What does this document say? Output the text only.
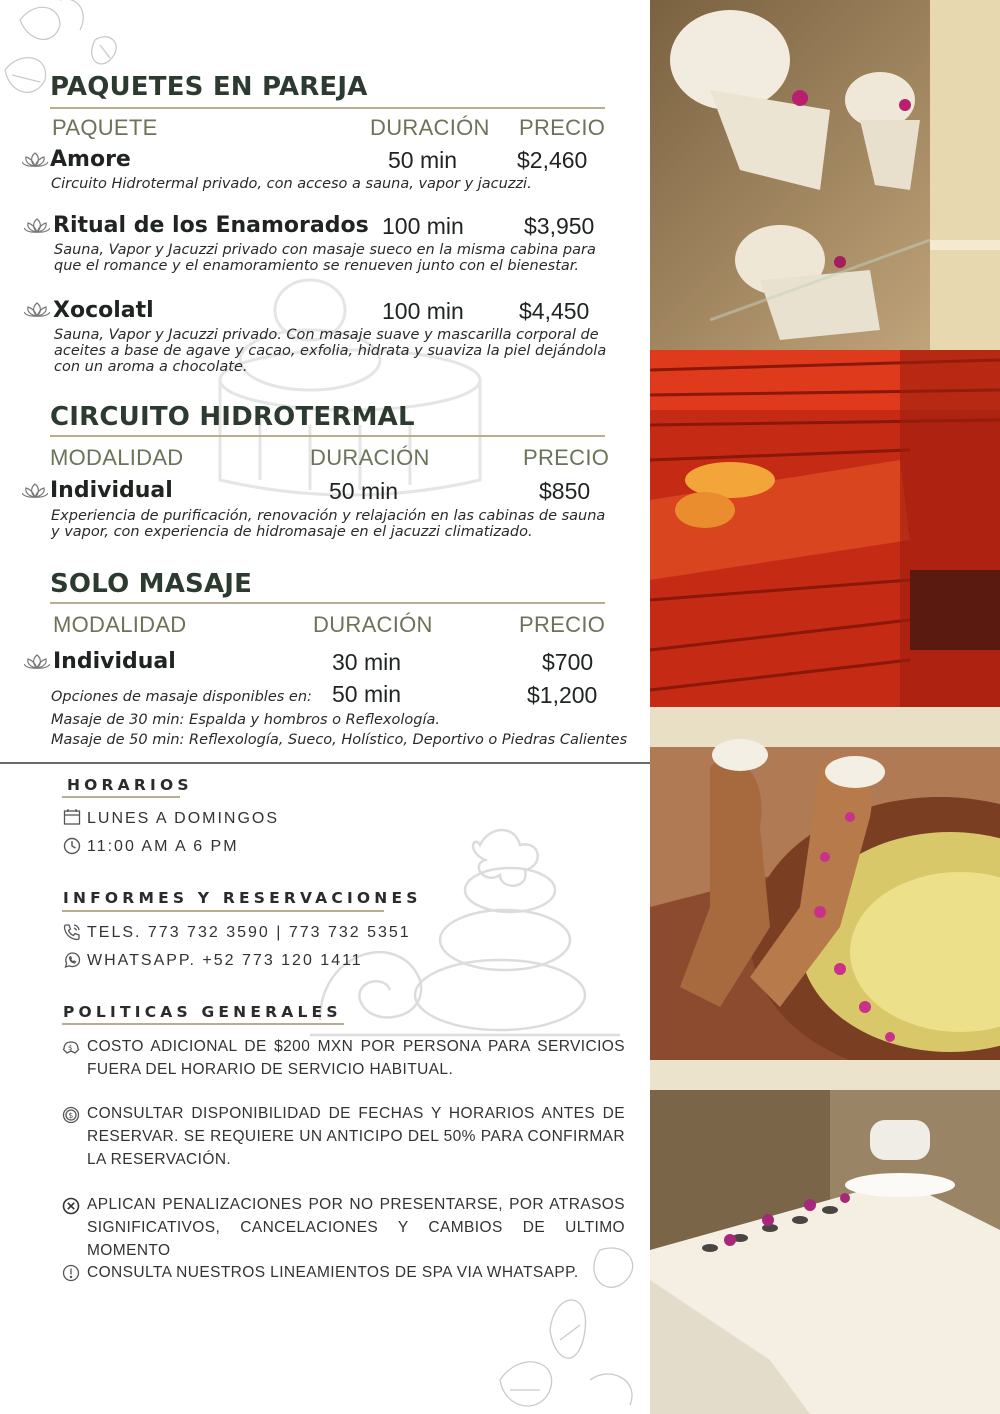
PAQUETES EN PAREJA
PAQUETE	DURACIÓN PRECIO
Amore	50 min	$2,460
Circuito Hidrotermal privado, con acceso a sauna, vapor y jacuzzi.
Ritual de los Enamorados 100 min	$3,950
Sauna, Vapor y Jacuzzi privado con masaje sueco en la misma cabina para
que el romance y el enamoramiento se renueven junto con el bienestar.
Xocolatl	100 min $4,450
Sauna, Vapor y Jacuzzi privado. Con masaje suave y mascarilla corporal de
aceites a base de agave y cacao, exfolia, hidrata y suaviza la piel dejándola
con un aroma a chocolate.
CIRCUITO HIDROTERMAL
MODALIDAD	DURACIÓN	PRECIO
Individual	50 min	$850
Experiencia de purificación, renovación y relajación en las cabinas de sauna
y vapor, con experiencia de hidromasaje en el jacuzzi climatizado.
SOLO MASAJE
MODALIDAD	DURACIÓN	PRECIO
Individual	30 min	$700
Opciones de masaje disponibles en: 50 min	$1,200
Masaje de 30 min: Espalda y hombros o Reflexología.
Masaje de 50 min: Reflexología, Sueco, Holístico, Deportivo o Piedras Calientes
HORARIOS
LUNES A DOMINGOS
11:00 AM A 6 PM
INFORMES Y RESERVACIONES
TELS. 773 732 3590 | 773 732 5351
WHATSAPP. +52 773 120 1411
POLITICAS GENERALES
$ COSTO ADICIONAL DE $200 MXN POR PERSONA PARA SERVICIOS FUERA DEL HORARIO DE SERVICIO HABITUAL.
$ CONSULTAR DISPONIBILIDAD DE FECHAS Y HORARIOS ANTES DE RESERVAR. SE REQUIERE UN ANTICIPO DEL 50% PARA CONFIRMAR LA RESERVACIÓN.
APLICAN PENALIZACIONES POR NO PRESENTARSE, POR ATRASOS SIGNIFICATIVOS, CANCELACIONES Y CAMBIOS DE ULTIMO MOMENTO
CONSULTA NUESTROS LINEAMIENTOS DE SPA VIA WHATSAPP.
